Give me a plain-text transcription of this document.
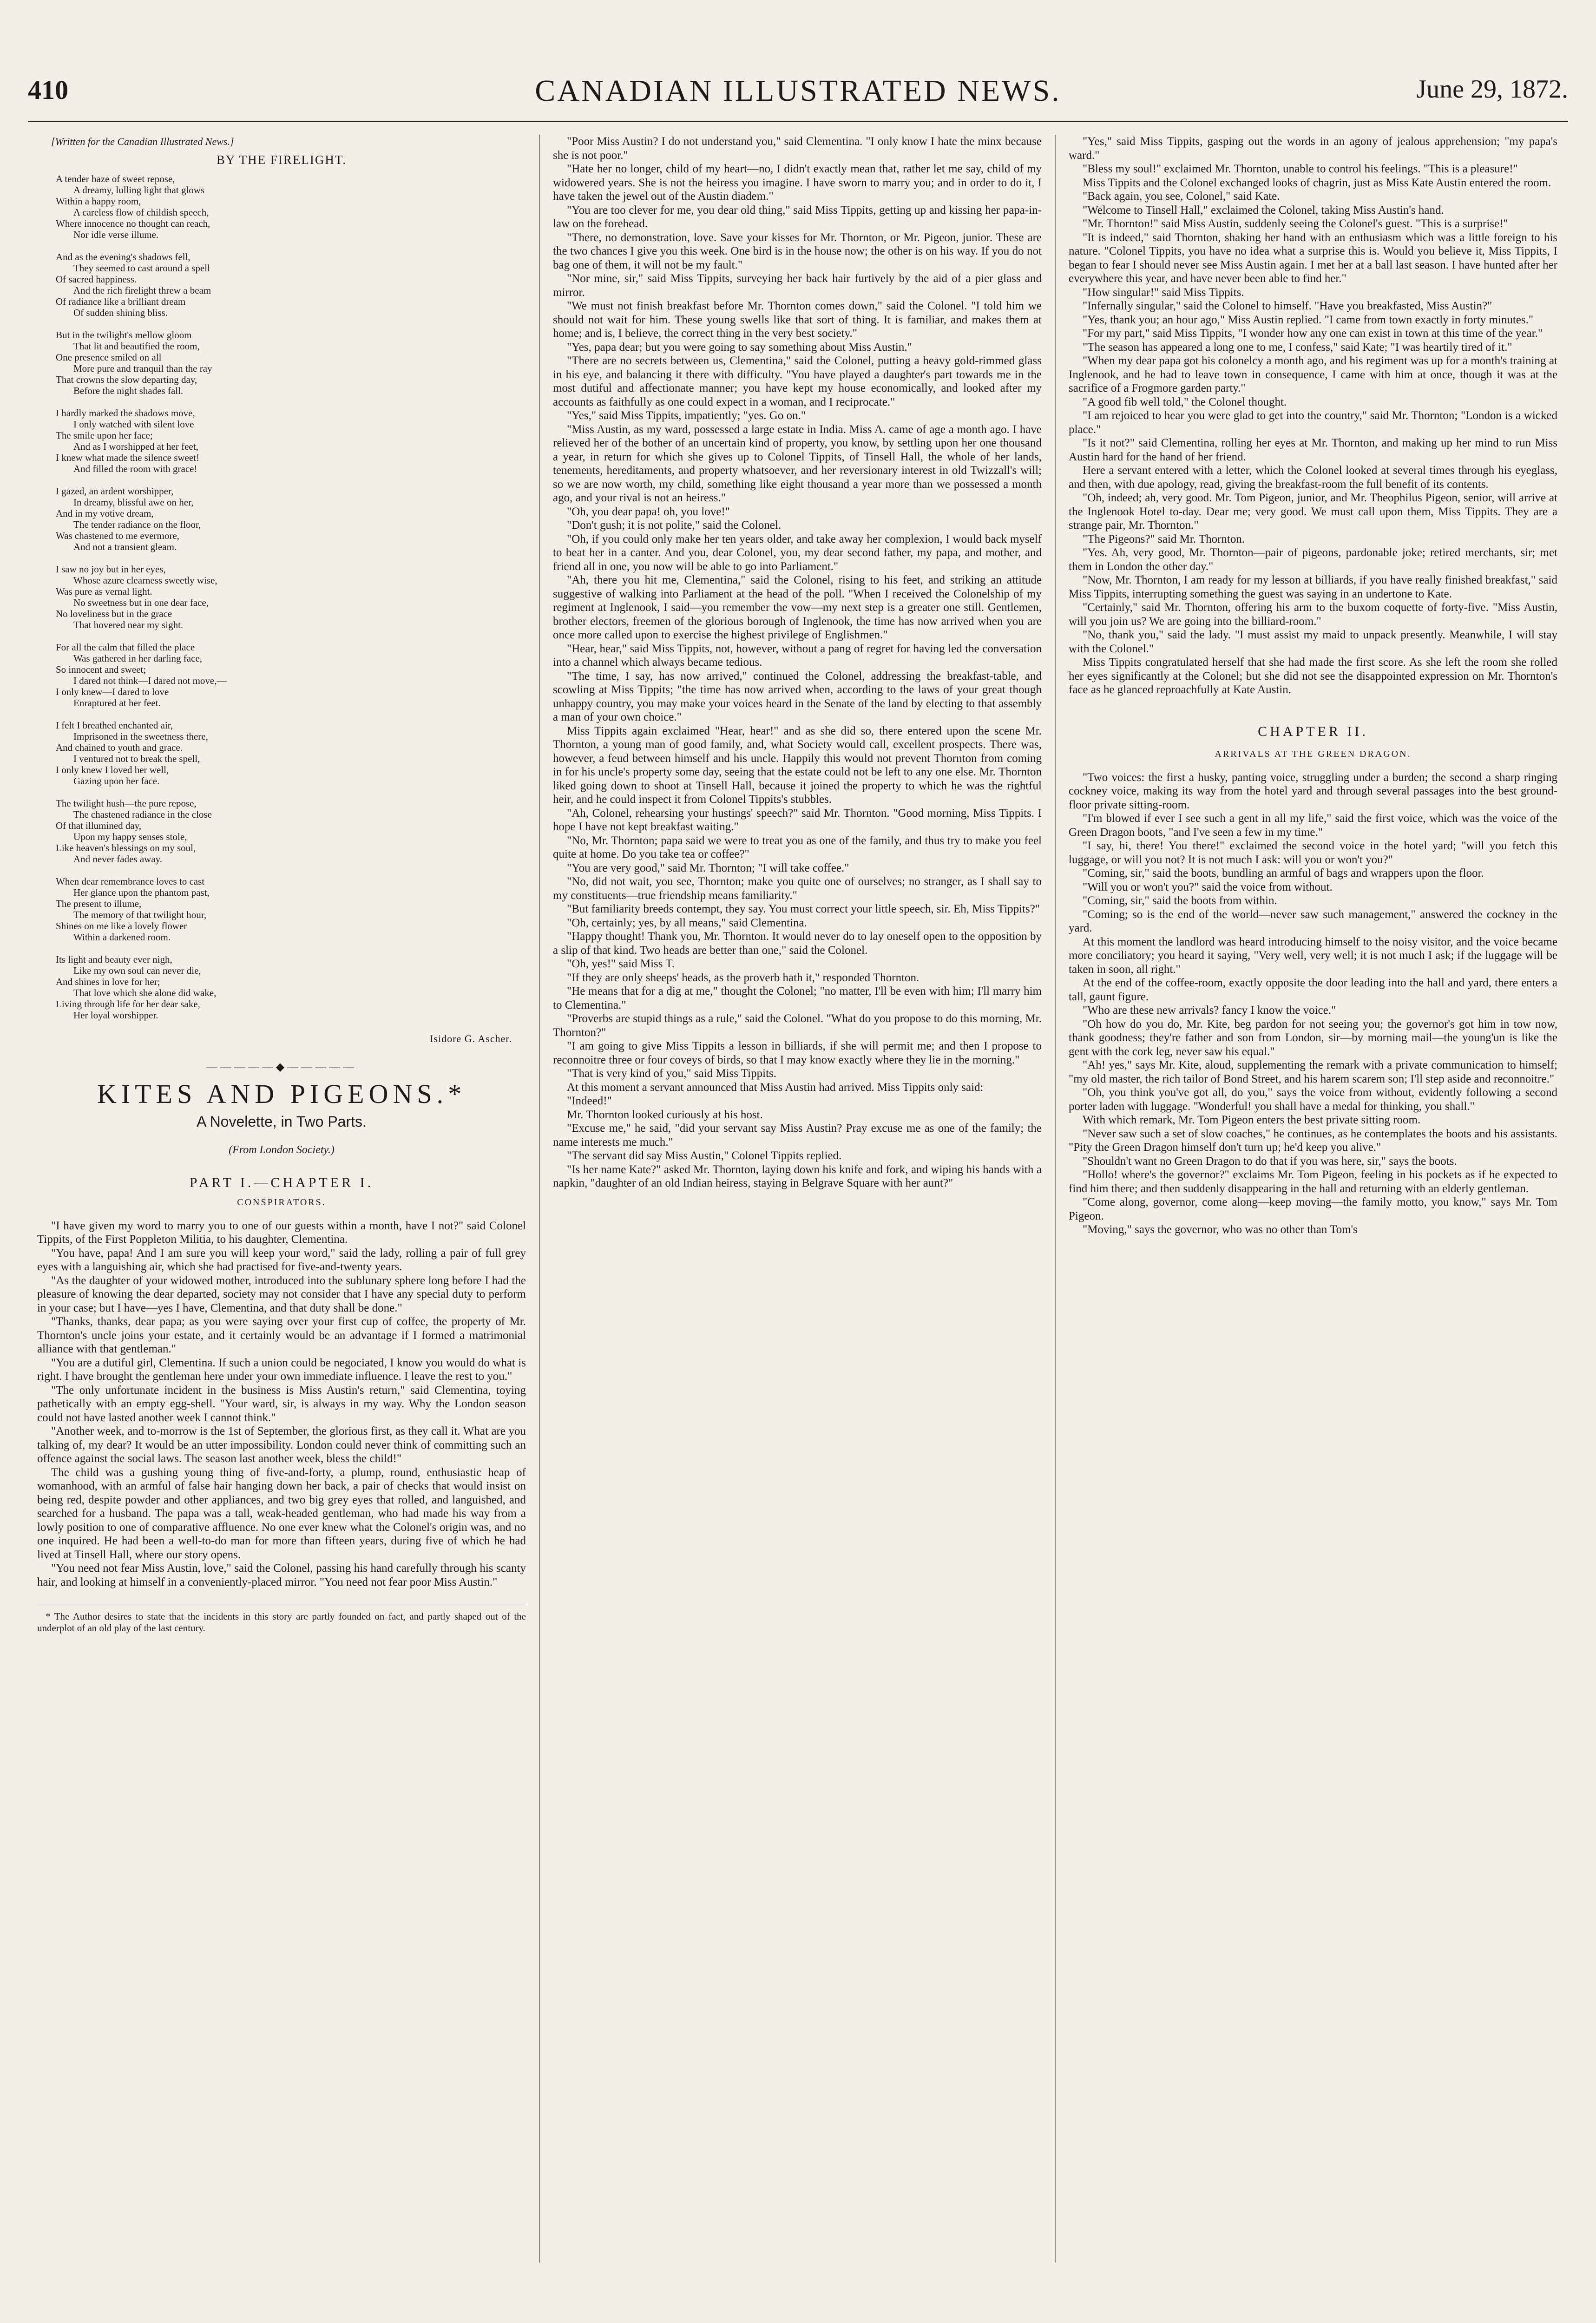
410	CANADIAN ILLUSTRATED NEWS.	June 29, 1872.

[Written for the Canadian Illustrated News.]

BY THE FIRELIGHT.
A tender haze of sweet repose,
A dreamy, lulling light that glows
Within a happy room,
A careless flow of childish speech,
Where innocence no thought can reach,
Nor idle verse illume.
And as the evening's shadows fell,
They seemed to cast around a spell
Of sacred happiness.
And the rich firelight threw a beam
Of radiance like a brilliant dream
Of sudden shining bliss.
But in the twilight's mellow gloom
That lit and beautified the room,
One presence smiled on all
More pure and tranquil than the ray
That crowns the slow departing day,
Before the night shades fall.
I hardly marked the shadows move,
I only watched with silent love
The smile upon her face;
And as I worshipped at her feet,
I knew what made the silence sweet!
And filled the room with grace!
I gazed, an ardent worshipper,
In dreamy, blissful awe on her,
And in my votive dream,
The tender radiance on the floor,
Was chastened to me evermore,
And not a transient gleam.
I saw no joy but in her eyes,
Whose azure clearness sweetly wise,
Was pure as vernal light.
No sweetness but in one dear face,
No loveliness but in the grace
That hovered near my sight.
For all the calm that filled the place
Was gathered in her darling face,
So innocent and sweet;
I dared not think—I dared not move,—
I only knew—I dared to love
Enraptured at her feet.
I felt I breathed enchanted air,
Imprisoned in the sweetness there,
And chained to youth and grace.
I ventured not to break the spell,
I only knew I loved her well,
Gazing upon her face.
The twilight hush—the pure repose,
The chastened radiance in the close
Of that illumined day,
Upon my happy senses stole,
Like heaven's blessings on my soul,
And never fades away.
When dear remembrance loves to cast
Her glance upon the phantom past,
The present to illume,
The memory of that twilight hour,
Shines on me like a lovely flower
Within a darkened room.
Its light and beauty ever nigh,
Like my own soul can never die,
And shines in love for her;
That love which she alone did wake,
Living through life for her dear sake,
Her loyal worshipper.
Isidore G. Ascher.
—————◆—————
KITES AND PIGEONS.*
A Novelette, in Two Parts.
(From London Society.)
PART I.—CHAPTER I.
CONSPIRATORS.

"I have given my word to marry you to one of our guests within a month, have I not?" said Colonel Tippits, of the First Poppleton Militia, to his daughter, Clementina.

"You have, papa! And I am sure you will keep your word," said the lady, rolling a pair of full grey eyes with a languishing air, which she had practised for five-and-twenty years.

"As the daughter of your widowed mother, introduced into the sublunary sphere long before I had the pleasure of knowing the dear departed, society may not consider that I have any special duty to perform in your case; but I have—yes I have, Clementina, and that duty shall be done."

"Thanks, thanks, dear papa; as you were saying over your first cup of coffee, the property of Mr. Thornton's uncle joins your estate, and it certainly would be an advantage if I formed a matrimonial alliance with that gentleman."

"You are a dutiful girl, Clementina. If such a union could be negociated, I know you would do what is right. I have brought the gentleman here under your own immediate influence. I leave the rest to you."

"The only unfortunate incident in the business is Miss Austin's return," said Clementina, toying pathetically with an empty egg-shell. "Your ward, sir, is always in my way. Why the London season could not have lasted another week I cannot think."

"Another week, and to-morrow is the 1st of September, the glorious first, as they call it. What are you talking of, my dear? It would be an utter impossibility. London could never think of committing such an offence against the social laws. The season last another week, bless the child!"

The child was a gushing young thing of five-and-forty, a plump, round, enthusiastic heap of womanhood, with an armful of false hair hanging down her back, a pair of checks that would insist on being red, despite powder and other appliances, and two big grey eyes that rolled, and languished, and searched for a husband. The papa was a tall, weak-headed gentleman, who had made his way from a lowly position to one of comparative affluence. No one ever knew what the Colonel's origin was, and no one inquired. He had been a well-to-do man for more than fifteen years, during five of which he had lived at Tinsell Hall, where our story opens.

"You need not fear Miss Austin, love," said the Colonel, passing his hand carefully through his scanty hair, and looking at himself in a conveniently-placed mirror. "You need not fear poor Miss Austin."

* The Author desires to state that the incidents in this story are partly founded on fact, and partly shaped out of the underplot of an old play of the last century.

"Poor Miss Austin? I do not understand you," said Clementina. "I only know I hate the minx because she is not poor."

"Hate her no longer, child of my heart—no, I didn't exactly mean that, rather let me say, child of my widowered years. She is not the heiress you imagine. I have sworn to marry you; and in order to do it, I have taken the jewel out of the Austin diadem."

"You are too clever for me, you dear old thing," said Miss Tippits, getting up and kissing her papa-in-law on the forehead.

"There, no demonstration, love. Save your kisses for Mr. Thornton, or Mr. Pigeon, junior. These are the two chances I give you this week. One bird is in the house now; the other is on his way. If you do not bag one of them, it will not be my fault."

"Nor mine, sir," said Miss Tippits, surveying her back hair furtively by the aid of a pier glass and mirror.

"We must not finish breakfast before Mr. Thornton comes down," said the Colonel. "I told him we should not wait for him. These young swells like that sort of thing. It is familiar, and makes them at home; and is, I believe, the correct thing in the very best society."

"Yes, papa dear; but you were going to say something about Miss Austin."

"There are no secrets between us, Clementina," said the Colonel, putting a heavy gold-rimmed glass in his eye, and balancing it there with difficulty. "You have played a daughter's part towards me in the most dutiful and affectionate manner; you have kept my house economically, and looked after my accounts as faithfully as one could expect in a woman, and I reciprocate."

"Yes," said Miss Tippits, impatiently; "yes. Go on."

"Miss Austin, as my ward, possessed a large estate in India. Miss A. came of age a month ago. I have relieved her of the bother of an uncertain kind of property, you know, by settling upon her one thousand a year, in return for which she gives up to Colonel Tippits, of Tinsell Hall, the whole of her lands, tenements, hereditaments, and property whatsoever, and her reversionary interest in old Twizzall's will; so we are now worth, my child, something like eight thousand a year more than we possessed a month ago, and your rival is not an heiress."

"Oh, you dear papa! oh, you love!"

"Don't gush; it is not polite," said the Colonel.

"Oh, if you could only make her ten years older, and take away her complexion, I would back myself to beat her in a canter. And you, dear Colonel, you, my dear second father, my papa, and mother, and friend all in one, you now will be able to go into Parliament."

"Ah, there you hit me, Clementina," said the Colonel, rising to his feet, and striking an attitude suggestive of walking into Parliament at the head of the poll. "When I received the Colonelship of my regiment at Inglenook, I said—you remember the vow—my next step is a greater one still. Gentlemen, brother electors, freemen of the glorious borough of Inglenook, the time has now arrived when you are once more called upon to exercise the highest privilege of Englishmen."

"Hear, hear," said Miss Tippits, not, however, without a pang of regret for having led the conversation into a channel which always became tedious.

"The time, I say, has now arrived," continued the Colonel, addressing the breakfast-table, and scowling at Miss Tippits; "the time has now arrived when, according to the laws of your great though unhappy country, you may make your voices heard in the Senate of the land by electing to that assembly a man of your own choice."

Miss Tippits again exclaimed "Hear, hear!" and as she did so, there entered upon the scene Mr. Thornton, a young man of good family, and, what Society would call, excellent prospects. There was, however, a feud between himself and his uncle. Happily this would not prevent Thornton from coming in for his uncle's property some day, seeing that the estate could not be left to any one else. Mr. Thornton liked going down to shoot at Tinsell Hall, because it joined the property to which he was the rightful heir, and he could inspect it from Colonel Tippits's stubbles.

"Ah, Colonel, rehearsing your hustings' speech?" said Mr. Thornton. "Good morning, Miss Tippits. I hope I have not kept breakfast waiting."

"No, Mr. Thornton; papa said we were to treat you as one of the family, and thus try to make you feel quite at home. Do you take tea or coffee?"

"You are very good," said Mr. Thornton; "I will take coffee."

"No, did not wait, you see, Thornton; make you quite one of ourselves; no stranger, as I shall say to my constituents—true friendship means familiarity."

"But familiarity breeds contempt, they say. You must correct your little speech, sir. Eh, Miss Tippits?"

"Oh, certainly; yes, by all means," said Clementina.

"Happy thought! Thank you, Mr. Thornton. It would never do to lay oneself open to the opposition by a slip of that kind. Two heads are better than one," said the Colonel.

"Oh, yes!" said Miss T.

"If they are only sheeps' heads, as the proverb hath it," responded Thornton.

"He means that for a dig at me," thought the Colonel; "no matter, I'll be even with him; I'll marry him to Clementina."

"Proverbs are stupid things as a rule," said the Colonel. "What do you propose to do this morning, Mr. Thornton?"

"I am going to give Miss Tippits a lesson in billiards, if she will permit me; and then I propose to reconnoitre three or four coveys of birds, so that I may know exactly where they lie in the morning."

"That is very kind of you," said Miss Tippits.

At this moment a servant announced that Miss Austin had arrived. Miss Tippits only said:

"Indeed!"

Mr. Thornton looked curiously at his host.

"Excuse me," he said, "did your servant say Miss Austin? Pray excuse me as one of the family; the name interests me much."

"The servant did say Miss Austin," Colonel Tippits replied.

"Is her name Kate?" asked Mr. Thornton, laying down his knife and fork, and wiping his hands with a napkin, "daughter of an old Indian heiress, staying in Belgrave Square with her aunt?"

"Yes," said Miss Tippits, gasping out the words in an agony of jealous apprehension; "my papa's ward."

"Bless my soul!" exclaimed Mr. Thornton, unable to control his feelings. "This is a pleasure!"

Miss Tippits and the Colonel exchanged looks of chagrin, just as Miss Kate Austin entered the room.

"Back again, you see, Colonel," said Kate.

"Welcome to Tinsell Hall," exclaimed the Colonel, taking Miss Austin's hand.

"Mr. Thornton!" said Miss Austin, suddenly seeing the Colonel's guest. "This is a surprise!"

"It is indeed," said Thornton, shaking her hand with an enthusiasm which was a little foreign to his nature. "Colonel Tippits, you have no idea what a surprise this is. Would you believe it, Miss Tippits, I began to fear I should never see Miss Austin again. I met her at a ball last season. I have hunted after her everywhere this year, and have never been able to find her."

"How singular!" said Miss Tippits.

"Infernally singular," said the Colonel to himself. "Have you breakfasted, Miss Austin?"

"Yes, thank you; an hour ago," Miss Austin replied. "I came from town exactly in forty minutes."

"For my part," said Miss Tippits, "I wonder how any one can exist in town at this time of the year."

"The season has appeared a long one to me, I confess," said Kate; "I was heartily tired of it."

"When my dear papa got his colonelcy a month ago, and his regiment was up for a month's training at Inglenook, and he had to leave town in consequence, I came with him at once, though it was at the sacrifice of a Frogmore garden party."

"A good fib well told," the Colonel thought.

"I am rejoiced to hear you were glad to get into the country," said Mr. Thornton; "London is a wicked place."

"Is it not?" said Clementina, rolling her eyes at Mr. Thornton, and making up her mind to run Miss Austin hard for the hand of her friend.

Here a servant entered with a letter, which the Colonel looked at several times through his eyeglass, and then, with due apology, read, giving the breakfast-room the full benefit of its contents.

"Oh, indeed; ah, very good. Mr. Tom Pigeon, junior, and Mr. Theophilus Pigeon, senior, will arrive at the Inglenook Hotel to-day. Dear me; very good. We must call upon them, Miss Tippits. They are a strange pair, Mr. Thornton."

"The Pigeons?" said Mr. Thornton.

"Yes. Ah, very good, Mr. Thornton—pair of pigeons, pardonable joke; retired merchants, sir; met them in London the other day."

"Now, Mr. Thornton, I am ready for my lesson at billiards, if you have really finished breakfast," said Miss Tippits, interrupting something the guest was saying in an undertone to Kate.

"Certainly," said Mr. Thornton, offering his arm to the buxom coquette of forty-five. "Miss Austin, will you join us? We are going into the billiard-room."

"No, thank you," said the lady. "I must assist my maid to unpack presently. Meanwhile, I will stay with the Colonel."

Miss Tippits congratulated herself that she had made the first score. As she left the room she rolled her eyes significantly at the Colonel; but she did not see the disappointed expression on Mr. Thornton's face as he glanced reproachfully at Kate Austin.

CHAPTER II.
ARRIVALS AT THE GREEN DRAGON.

"Two voices: the first a husky, panting voice, struggling under a burden; the second a sharp ringing cockney voice, making its way from the hotel yard and through several passages into the best ground-floor private sitting-room.

"I'm blowed if ever I see such a gent in all my life," said the first voice, which was the voice of the Green Dragon boots, "and I've seen a few in my time."

"I say, hi, there! You there!" exclaimed the second voice in the hotel yard; "will you fetch this luggage, or will you not? It is not much I ask: will you or won't you?"

"Coming, sir," said the boots, bundling an armful of bags and wrappers upon the floor.

"Will you or won't you?" said the voice from without.

"Coming, sir," said the boots from within.

"Coming; so is the end of the world—never saw such management," answered the cockney in the yard.

At this moment the landlord was heard introducing himself to the noisy visitor, and the voice became more conciliatory; you heard it saying, "Very well, very well; it is not much I ask; if the luggage will be taken in soon, all right."

At the end of the coffee-room, exactly opposite the door leading into the hall and yard, there enters a tall, gaunt figure.

"Who are these new arrivals? fancy I know the voice."

"Oh how do you do, Mr. Kite, beg pardon for not seeing you; the governor's got him in tow now, thank goodness; they're father and son from London, sir—by morning mail—the young'un is like the gent with the cork leg, never saw his equal."

"Ah! yes," says Mr. Kite, aloud, supplementing the remark with a private communication to himself; "my old master, the rich tailor of Bond Street, and his harem scarem son; I'll step aside and reconnoitre."

"Oh, you think you've got all, do you," says the voice from without, evidently following a second porter laden with luggage. "Wonderful! you shall have a medal for thinking, you shall."

With which remark, Mr. Tom Pigeon enters the best private sitting room.

"Never saw such a set of slow coaches," he continues, as he contemplates the boots and his assistants. "Pity the Green Dragon himself don't turn up; he'd keep you alive."

"Shouldn't want no Green Dragon to do that if you was here, sir," says the boots.

"Hollo! where's the governor?" exclaims Mr. Tom Pigeon, feeling in his pockets as if he expected to find him there; and then suddenly disappearing in the hall and returning with an elderly gentleman.

"Come along, governor, come along—keep moving—the family motto, you know," says Mr. Tom Pigeon.

"Moving," says the governor, who was no other than Tom's
